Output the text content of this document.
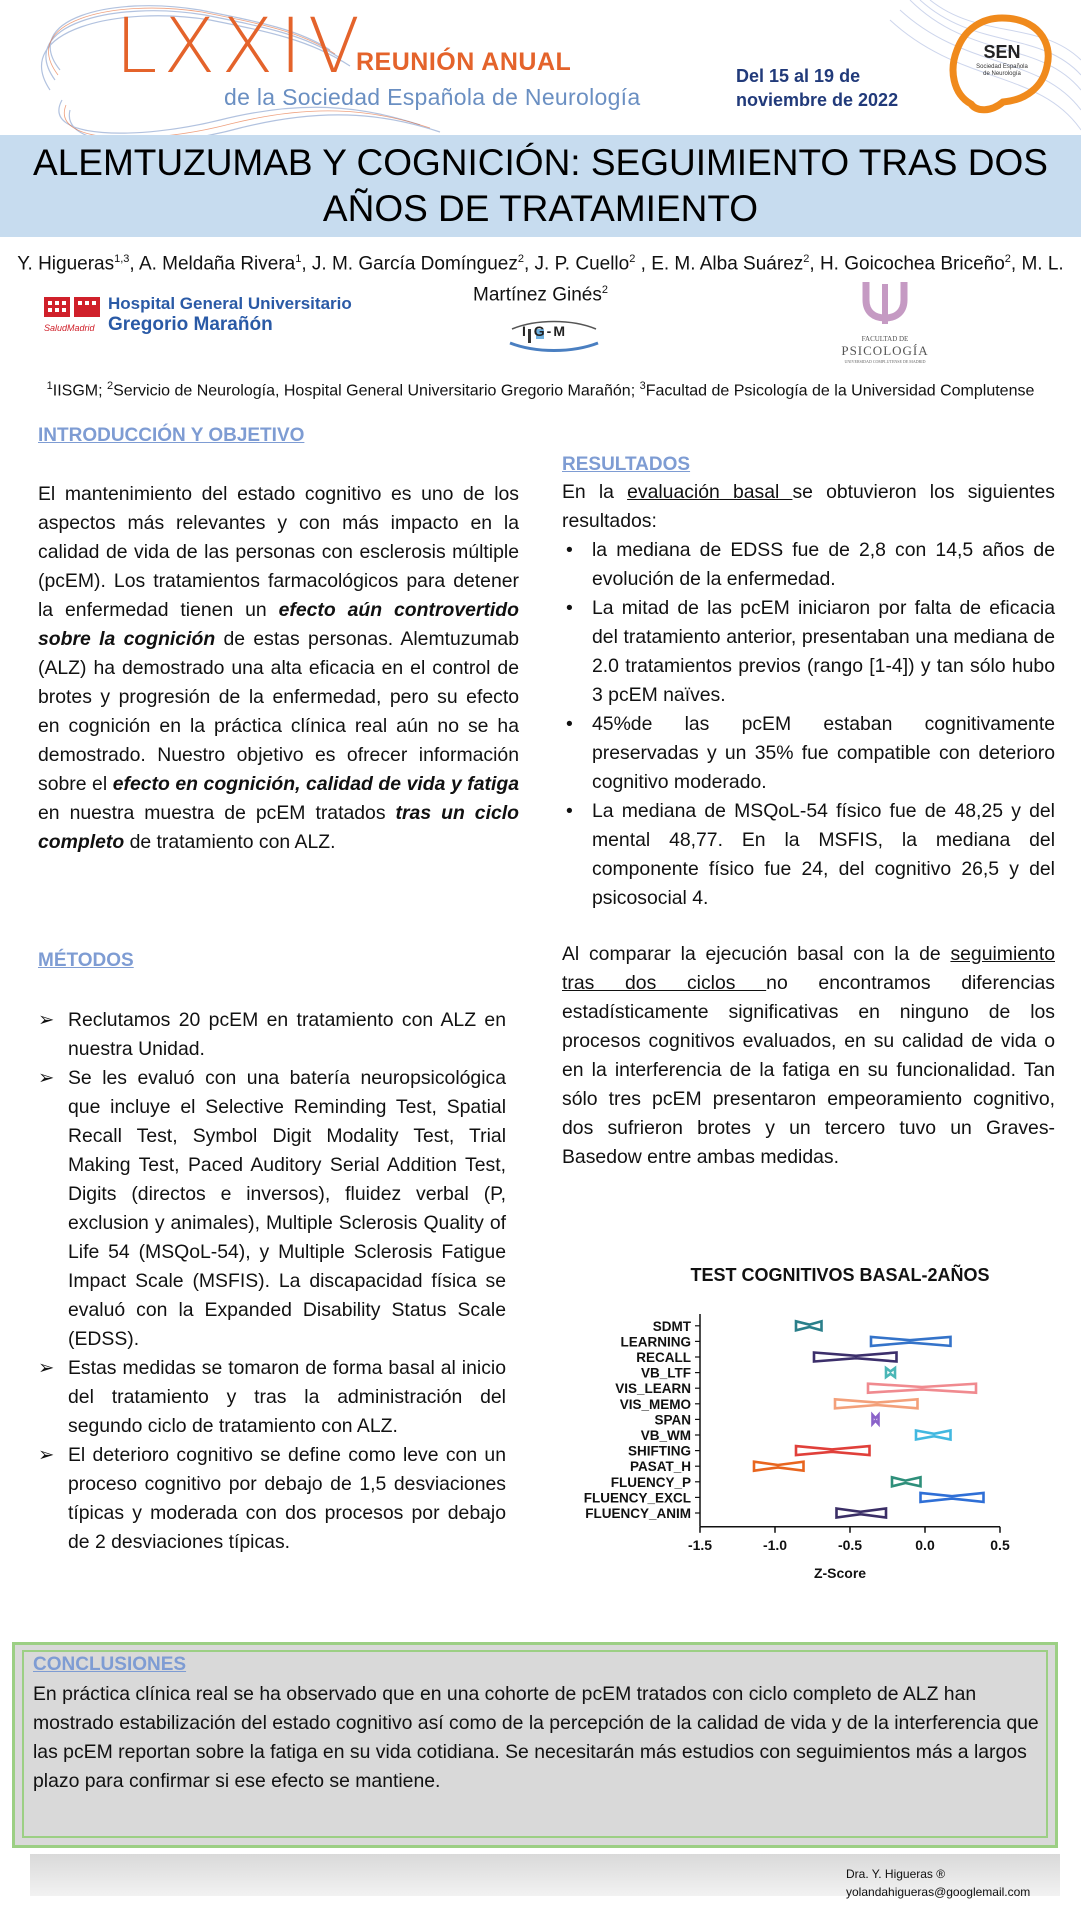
LXXIV
REUNIÓN ANUAL
de la Sociedad Española de Neurología
Del 15 al 19 de
noviembre de 2022
SEN
Sociedad Española
de Neurología
ALEMTUZUMAB Y COGNICIÓN: SEGUIMIENTO TRAS DOS
AÑOS DE TRATAMIENTO
Y. Higueras$^{1,3}$, A. Meldaña Rivera$^1$, J. M. García Domínguez$^2$, J. P. Cuello$^2$ , E. M. Alba Suárez$^2$, H. Goicochea Briceño$^2$, M. L. Martínez Ginés$^2$
SaludMadrid
Hospital General Universitario
Gregorio Marañón	I G-M	FACULTAD DE
PSICOLOGÍA
UNIVERSIDAD COMPLUTENSE DE MADRID
$^1$IISGM; $^2$Servicio de Neurología, Hospital General Universitario Gregorio Marañón; $^3$Facultad de Psicología de la Universidad Complutense
INTRODUCCIÓN Y OBJETIVO
El mantenimiento del estado cognitivo es uno de los aspectos más relevantes y con más impacto en la calidad de vida de las personas con esclerosis múltiple (pcEM). Los tratamientos farmacológicos para detener la enfermedad tienen un efecto aún controvertido sobre la cognición de estas personas. Alemtuzumab (ALZ) ha demostrado una alta eficacia en el control de brotes y progresión de la enfermedad, pero su efecto en cognición en la práctica clínica real aún no se ha demostrado. Nuestro objetivo es ofrecer información sobre el efecto en cognición, calidad de vida y fatiga en nuestra muestra de pcEM tratados tras un ciclo completo de tratamiento con ALZ.
MÉTODOS
➢ Reclutamos 20 pcEM en tratamiento con ALZ en nuestra Unidad.
➢ Se les evaluó con una batería neuropsicológica que incluye el Selective Reminding Test, Spatial Recall Test, Symbol Digit Modality Test, Trial Making Test, Paced Auditory Serial Addition Test, Digits (directos e inversos), fluidez verbal (P, exclusion y animales), Multiple Sclerosis Quality of Life 54 (MSQoL-54), y Multiple Sclerosis Fatigue Impact Scale (MSFIS). La discapacidad física se evaluó con la Expanded Disability Status Scale (EDSS).
➢ Estas medidas se tomaron de forma basal al inicio del tratamiento y tras la administración del segundo ciclo de tratamiento con ALZ.
➢ El deterioro cognitivo se define como leve con un proceso cognitivo por debajo de 1,5 desviaciones típicas y moderada con dos procesos por debajo de 2 desviaciones típicas.
RESULTADOS
En la evaluación basal se obtuvieron los siguientes resultados:
• la mediana de EDSS fue de 2,8 con 14,5 años de evolución de la enfermedad.
• La mitad de las pcEM iniciaron por falta de eficacia del tratamiento anterior, presentaban una mediana de 2.0 tratamientos previos (rango [1-4]) y tan sólo hubo 3 pcEM naïves.
• 45%de las pcEM estaban cognitivamente preservadas y un 35% fue compatible con deterioro cognitivo moderado.
• La mediana de MSQoL-54 físico fue de 48,25 y del mental 48,77. En la MSFIS, la mediana del componente físico fue 24, del cognitivo 26,5 y del psicosocial 4.
Al comparar la ejecución basal con la de seguimiento tras dos ciclos no encontramos diferencias estadísticamente significativas en ninguno de los procesos cognitivos evaluados, en su calidad de vida o en la interferencia de la fatiga en su funcionalidad. Tan sólo tres pcEM presentaron empeoramiento cognitivo, dos sufrieron brotes y un tercero tuvo un Graves-Basedow entre ambas medidas.
TEST COGNITIVOS BASAL-2AÑOS
-1.5	-1.0	-0.5	0.0	0.5
Z-Score
SDMT
LEARNING
RECALL
VB_LTF
VIS_LEARN
VIS_MEMO
SPAN
VB_WM
SHIFTING
PASAT_H
FLUENCY_P
FLUENCY_EXCL
FLUENCY_ANIM
CONCLUSIONES
En práctica clínica real se ha observado que en una cohorte de pcEM tratados con ciclo completo de ALZ han mostrado estabilización del estado cognitivo así como de la percepción de la calidad de vida y de la interferencia que las pcEM reportan sobre la fatiga en su vida cotidiana. Se necesitarán más estudios con seguimientos más a largos plazo para confirmar si ese efecto se mantiene.
Dra. Y. Higueras ®
yolandahigueras@googlemail.com
